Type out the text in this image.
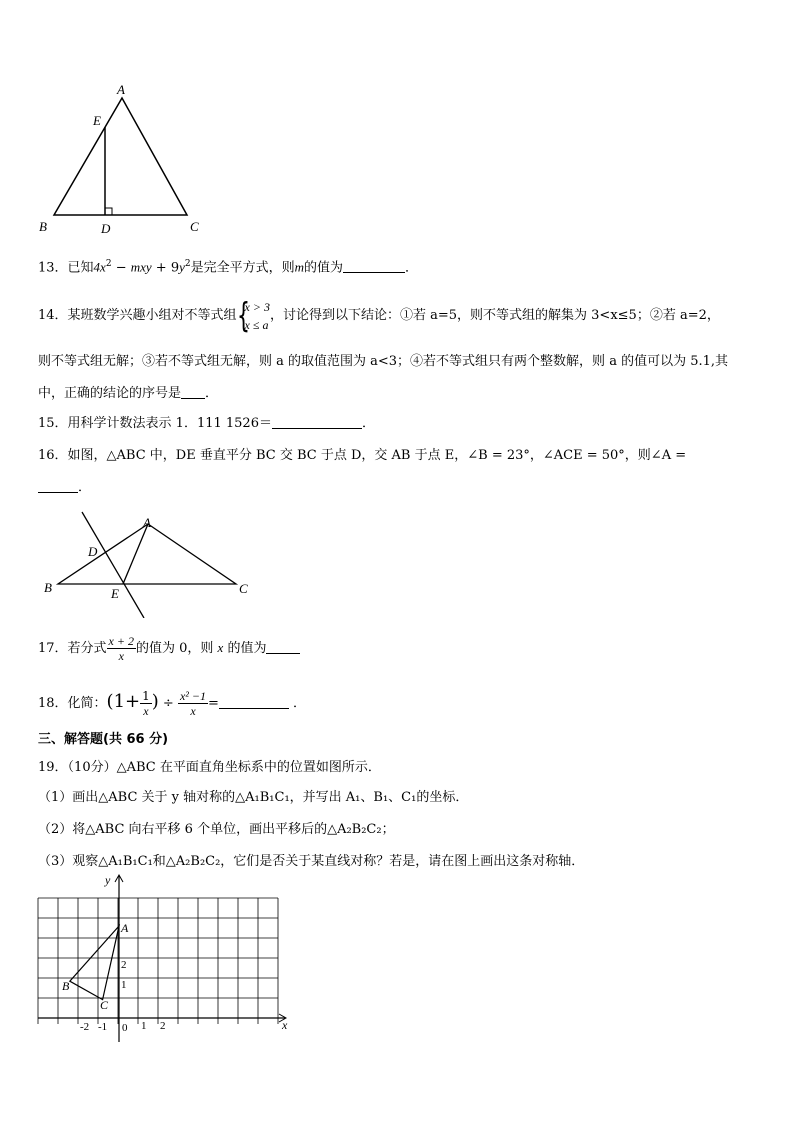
A
E
B	D	C
13．已知$4x^2$ − mxy + $9y^2$是完全平方式，则m的值为	．
14．某班数学兴趣小组对不等式组 {
x > 3
x ≤ a
，讨论得到以下结论：①若 a=5，则不等式组的解集为 3<x≤5；②若 a=2，
则不等式组无解；③若不等式组无解，则 a 的取值范围为 a<3；④若不等式组只有两个整数解，则 a 的值可以为 5.1,其
中，正确的结论的序号是 ．
15．用科学计数法表示 1．111 1526＝	．
16．如图，△ABC 中，DE 垂直平分 BC 交 BC 于点 D，交 AB 于点 E，∠B = 23°，∠ACE = 50°，则∠A =
．
A
D
B	E	C
17．若分式 $\frac{x + 2}{x}$ 的值为 0，则 x 的值为
18．化简：($1+ \frac{1}{x}$ ) ÷ $\frac{\text{x² −1}}{x}$ =	．
三、解答题(共 66 分)
19．（10分）△ABC 在平面直角坐标系中的位置如图所示．
（1）画出△ABC 关于 y 轴对称的△A₁B₁C₁，并写出 A₁、B₁、C₁的坐标．
（2）将△ABC 向右平移 6 个单位，画出平移后的△A₂B₂C₂；
（3）观察△A₁B₁C₁和△A₂B₂C₂，它们是否关于某直线对称？若是，请在图上画出这条对称轴．
x
y
A
B
C
-2 -1 0 1 2
1
2
